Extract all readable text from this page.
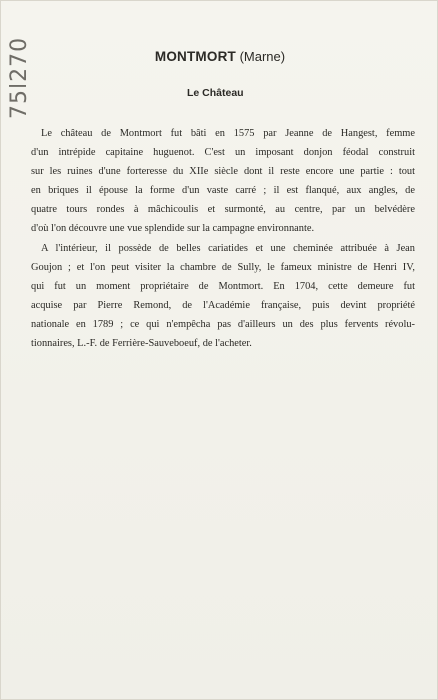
75l270	MONTMORT (Marne)
Le Château
Le château de Montmort fut bâti en 1575 par Jeanne de Hangest, femme
d'un intrépide capitaine huguenot. C'est un imposant donjon féodal construit
sur les ruines d'une forteresse du XIIe siècle dont il reste encore une partie : tout
en briques il épouse la forme d'un vaste carré ; il est flanqué, aux angles, de
quatre tours rondes à mâchicoulis et surmonté, au centre, par un belvédère
d'où l'on découvre une vue splendide sur la campagne environnante.
A l'intérieur, il possède de belles cariatides et une cheminée attribuée à Jean
Goujon ; et l'on peut visiter la chambre de Sully, le fameux ministre de Henri IV,
qui fut un moment propriétaire de Montmort. En 1704, cette demeure fut
acquise par Pierre Remond, de l'Académie française, puis devint propriété
nationale en 1789 ; ce qui n'empêcha pas d'ailleurs un des plus fervents révolu-
tionnaires, L.-F. de Ferrière-Sauveboeuf, de l'acheter.
